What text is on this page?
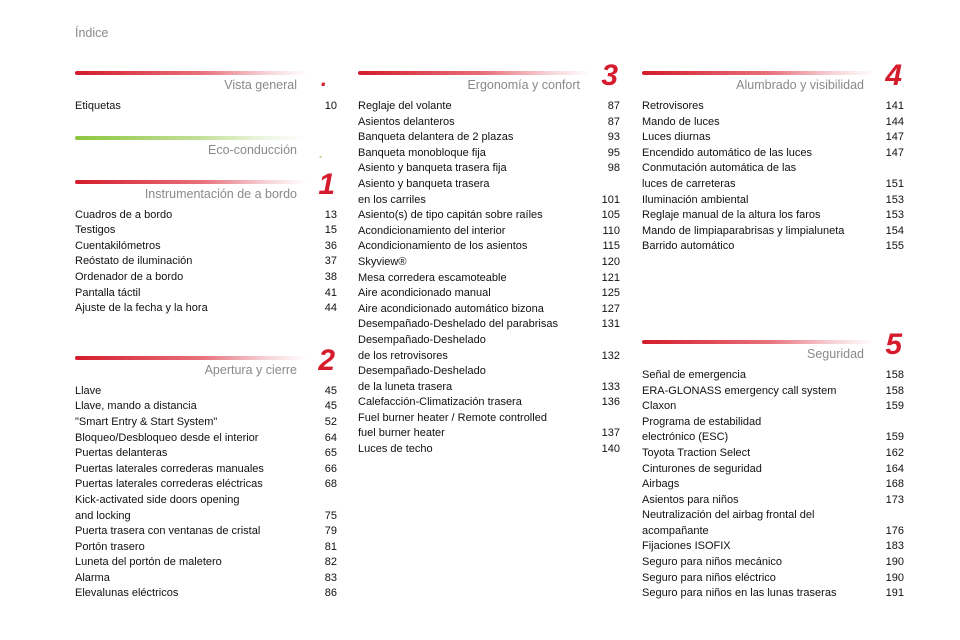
Índice
Vista general .
Etiquetas	10
Eco-conducción .
Instrumentación de a bordo 1
Cuadros de a bordo	13
Testigos	15
Cuentakilómetros	36
Reóstato de iluminación	37
Ordenador de a bordo	38
Pantalla táctil	41
Ajuste de la fecha y la hora	44
Apertura y cierre 2
Llave	45
Llave, mando a distancia	45
"Smart Entry & Start System"	52
Bloqueo/Desbloqueo desde el interior	64
Puertas delanteras	65
Puertas laterales correderas manuales	66
Puertas laterales correderas eléctricas	68
Kick-activated side doors opening
and locking	75
Puerta trasera con ventanas de cristal	79
Portón trasero	81
Luneta del portón de maletero	82
Alarma	83
Elevalunas eléctricos	86
Ergonomía y confort 3
Reglaje del volante	87
Asientos delanteros	87
Banqueta delantera de 2 plazas	93
Banqueta monobloque fija	95
Asiento y banqueta trasera fija	98
Asiento y banqueta trasera
en los carriles	101
Asiento(s) de tipo capitán sobre raíles	105
Acondicionamiento del interior	110
Acondicionamiento de los asientos	115
Skyview®	120
Mesa corredera escamoteable	121
Aire acondicionado manual	125
Aire acondicionado automático bizona	127
Desempañado-Deshelado del parabrisas	131
Desempañado-Deshelado
de los retrovisores	132
Desempañado-Deshelado
de la luneta trasera	133
Calefacción-Climatización trasera	136
Fuel burner heater / Remote controlled
fuel burner heater	137
Luces de techo	140
Alumbrado y visibilidad 4
Retrovisores	141
Mando de luces	144
Luces diurnas	147
Encendido automático de las luces	147
Conmutación automática de las
luces de carreteras	151
Iluminación ambiental	153
Reglaje manual de la altura los faros	153
Mando de limpiaparabrisas y limpialuneta	154
Barrido automático	155
Seguridad 5
Señal de emergencia	158
ERA-GLONASS emergency call system	158
Claxon	159
Programa de estabilidad
electrónico (ESC)	159
Toyota Traction Select	162
Cinturones de seguridad	164
Airbags	168
Asientos para niños	173
Neutralización del airbag frontal del
acompañante	176
Fijaciones ISOFIX	183
Seguro para niños mecánico	190
Seguro para niños eléctrico	190
Seguro para niños en las lunas traseras	191
